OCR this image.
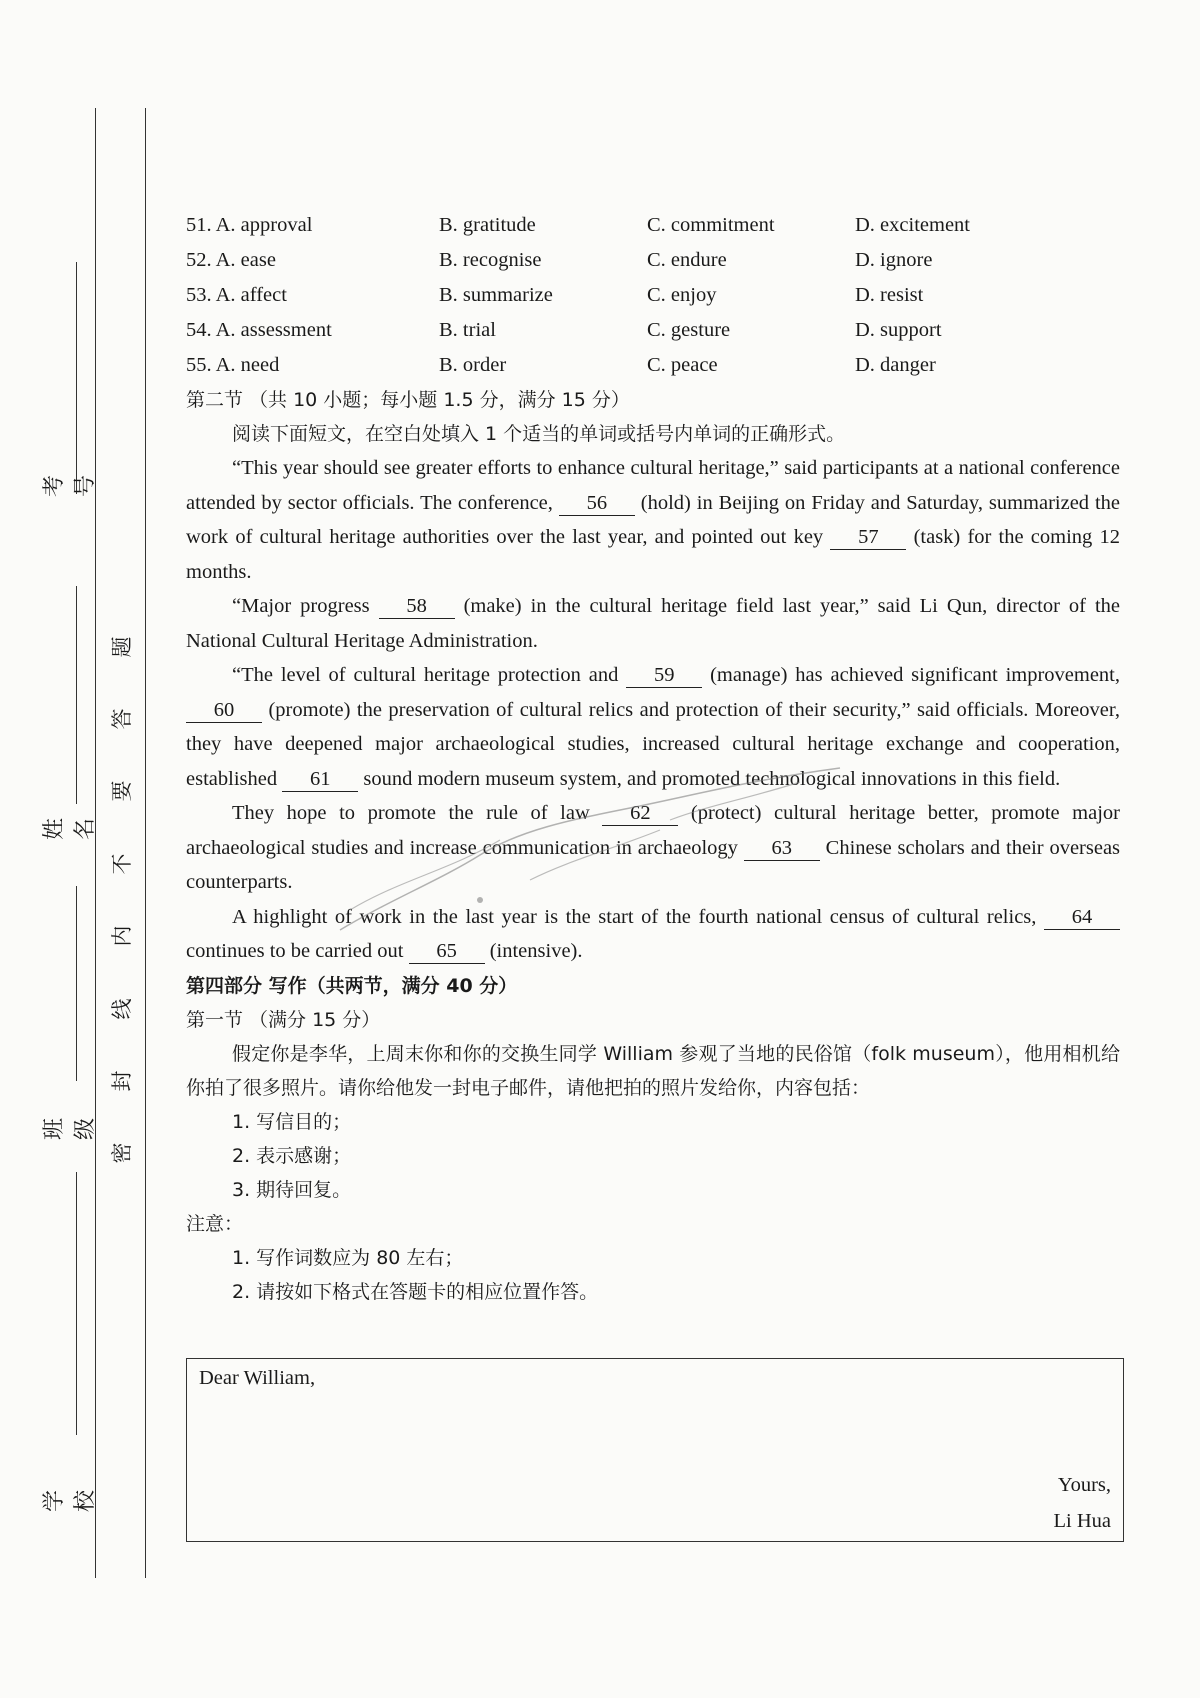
考号
姓名
班级
学校
题
答
要
不
内
线
封
密
51. A. approval	B. gratitude	C. commitment	D. excitement
52. A. ease	B. recognise	C. endure	D. ignore
53. A. affect	B. summarize	C. enjoy	D. resist
54. A. assessment	B. trial	C. gesture	D. support
55. A. need	B. order	C. peace	D. danger
第二节 （共 10 小题；每小题 1.5 分，满分 15 分）
阅读下面短文，在空白处填入 1 个适当的单词或括号内单词的正确形式。
“This year should see greater efforts to enhance cultural heritage,” said participants at a national conference attended by sector officials. The conference, 56 (hold) in Beijing on Friday and Saturday, summarized the work of cultural heritage authorities over the last year, and pointed out key 57 (task) for the coming 12 months.
“Major progress 58 (make) in the cultural heritage field last year,” said Li Qun, director of the National Cultural Heritage Administration.
“The level of cultural heritage protection and 59 (manage) has achieved significant improvement, 60 (promote) the preservation of cultural relics and protection of their security,” said officials. Moreover, they have deepened major archaeological studies, increased cultural heritage exchange and cooperation, established 61 sound modern museum system, and promoted technological innovations in this field.
They hope to promote the rule of law 62 (protect) cultural heritage better, promote major archaeological studies and increase communication in archaeology 63 Chinese scholars and their overseas counterparts.
A highlight of work in the last year is the start of the fourth national census of cultural relics, 64 continues to be carried out 65 (intensive).
第四部分 写作（共两节，满分 40 分）
第一节 （满分 15 分）
假定你是李华，上周末你和你的交换生同学 William 参观了当地的民俗馆（folk museum），他用相机给你拍了很多照片。请你给他发一封电子邮件，请他把拍的照片发给你，内容包括：
1. 写信目的；
2. 表示感谢；
3. 期待回复。
注意：
1. 写作词数应为 80 左右；
2. 请按如下格式在答题卡的相应位置作答。
Dear William,
Yours,
Li Hua
